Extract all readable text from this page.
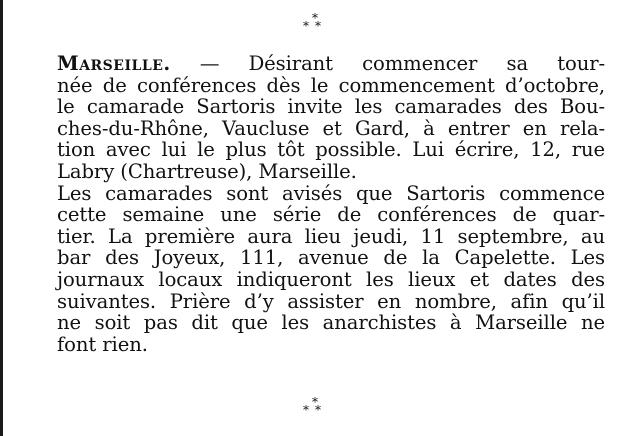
*
**
Marseille. — Désirant commencer sa tour-
née de conférences dès le commencement d’octobre,
le camarade Sartoris invite les camarades des Bou-
ches-du-Rhône, Vaucluse et Gard, à entrer en rela-
tion avec lui le plus tôt possible. Lui écrire, 12, rue
Labry (Chartreuse), Marseille.
Les camarades sont avisés que Sartoris commence
cette semaine une série de conférences de quar-
tier. La première aura lieu jeudi, 11 septembre, au
bar des Joyeux, 111, avenue de la Capelette. Les
journaux locaux indiqueront les lieux et dates des
suivantes. Prière d’y assister en nombre, afin qu’il
ne soit pas dit que les anarchistes à Marseille ne
font rien.
*
**
